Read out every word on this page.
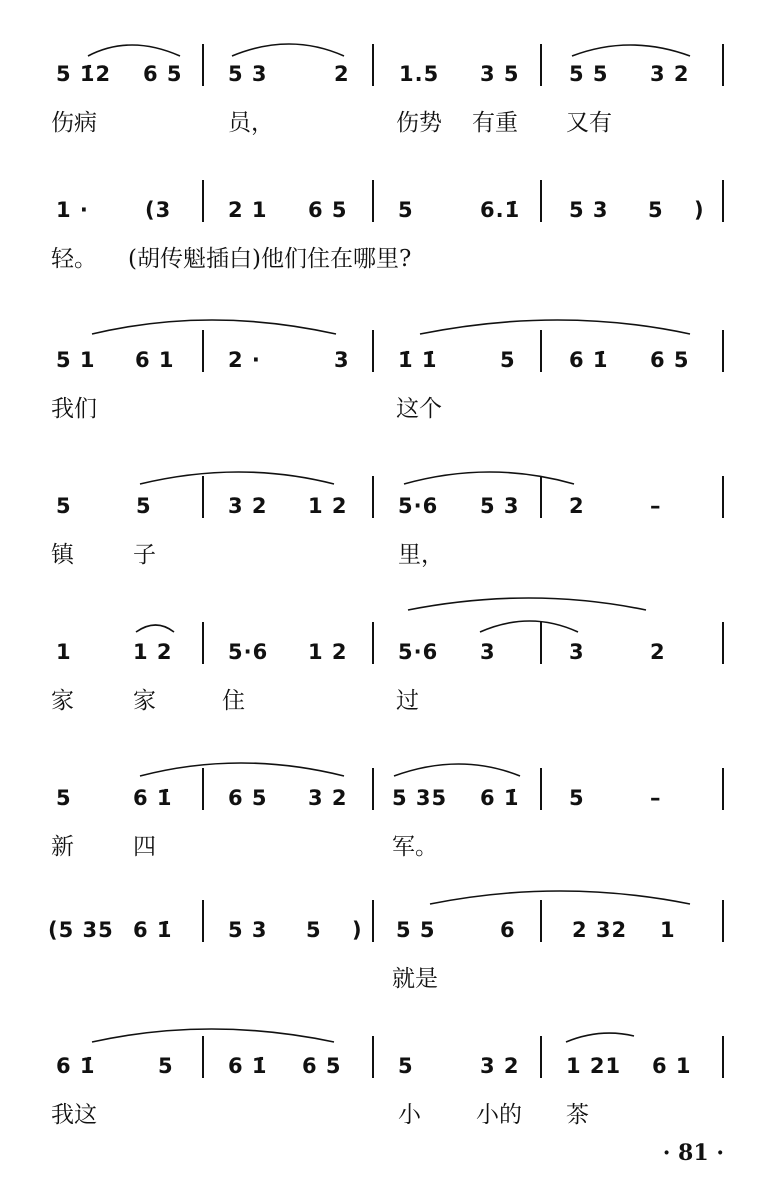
5 1̇2 6 5 5 3	2 1.5 3 5 5 5 3 2
伤病	员，	伤势 有重 又有
1 ·	(3	2 1 6 5 5	6.1̇ 5 3 5 )
轻。 (胡传魁插白)他们住在哪里?
5 1 6 1	2 ·	3 1̇ 1̇	5	6 1̇ 6 5
我们	这个
5	5	3 2 1 2 5·6 5 3 2	–
镇	子	里，
1	1 2	5·6 1 2 5·6 3	3	2
家	家	住	过
5	6 1̇	6 5 3 2 5 35 6 1̇ 5	–
新	四	军。
(5 35 6 1̇	5 3 5 ) 5 5	6	2 32 1
就是
6 1̇	5	6 1̇ 6 5	5	3 2 1 21 6 1
我这	小 小的 茶
· 81 ·
